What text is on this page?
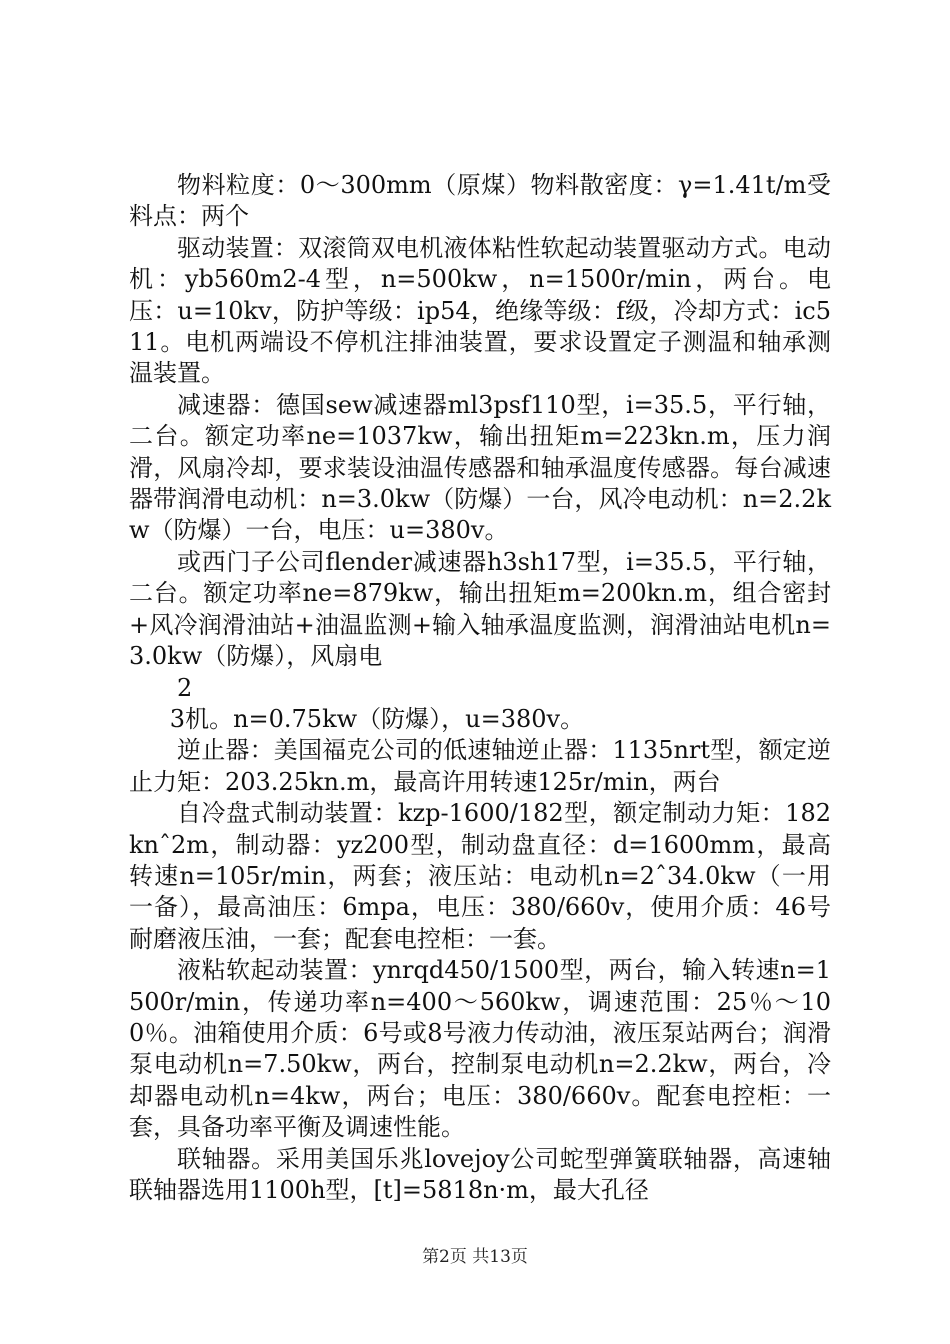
物料粒度：0～300mm（原煤）物料散密度：γ=1.41t/m受料点：两个

驱动装置：双滚筒双电机液体粘性软起动装置驱动方式。电动机：yb560m2-4型，n=500kw，n=1500r/min，两台。电压：u=10kv，防护等级：ip54，绝缘等级：f级，冷却方式：ic511。电机两端设不停机注排油装置，要求设置定子测温和轴承测温装置。

减速器：德国sew减速器ml3psf110型，i=35.5，平行轴，二台。额定功率ne=1037kw，输出扭矩m=223kn.m，压力润滑，风扇冷却，要求装设油温传感器和轴承温度传感器。每台减速器带润滑电动机：n=3.0kw（防爆）一台，风冷电动机：n=2.2kw（防爆）一台，电压：u=380v。

或西门子公司flender减速器h3sh17型，i=35.5，平行轴，二台。额定功率ne=879kw，输出扭矩m=200kn.m，组合密封+风冷润滑油站+油温监测+输入轴承温度监测，润滑油站电机n=3.0kw（防爆），风扇电

2

3机。n=0.75kw（防爆），u=380v。

逆止器：美国福克公司的低速轴逆止器：1135nrt型，额定逆止力矩：203.25kn.m，最高许用转速125r/min，两台

自冷盘式制动装置：kzp-1600/182型，额定制动力矩：182knˆ2m，制动器：yz200型，制动盘直径：d=1600mm，最高转速n=105r/min，两套；液压站：电动机n=2ˆ34.0kw（一用一备），最高油压：6mpa，电压：380/660v，使用介质：46号耐磨液压油，一套；配套电控柜：一套。

液粘软起动装置：ynrqd450/1500型，两台，输入转速n=1500r/min，传递功率n=400～560kw，调速范围：25％～100％。油箱使用介质：6号或8号液力传动油，液压泵站两台；润滑泵电动机n=7.50kw，两台，控制泵电动机n=2.2kw，两台，冷却器电动机n=4kw，两台；电压：380/660v。配套电控柜：一套，具备功率平衡及调速性能。

联轴器。采用美国乐兆lovejoy公司蛇型弹簧联轴器，高速轴联轴器选用1100h型，[t]=5818n·m，最大孔径

第2页 共13页
